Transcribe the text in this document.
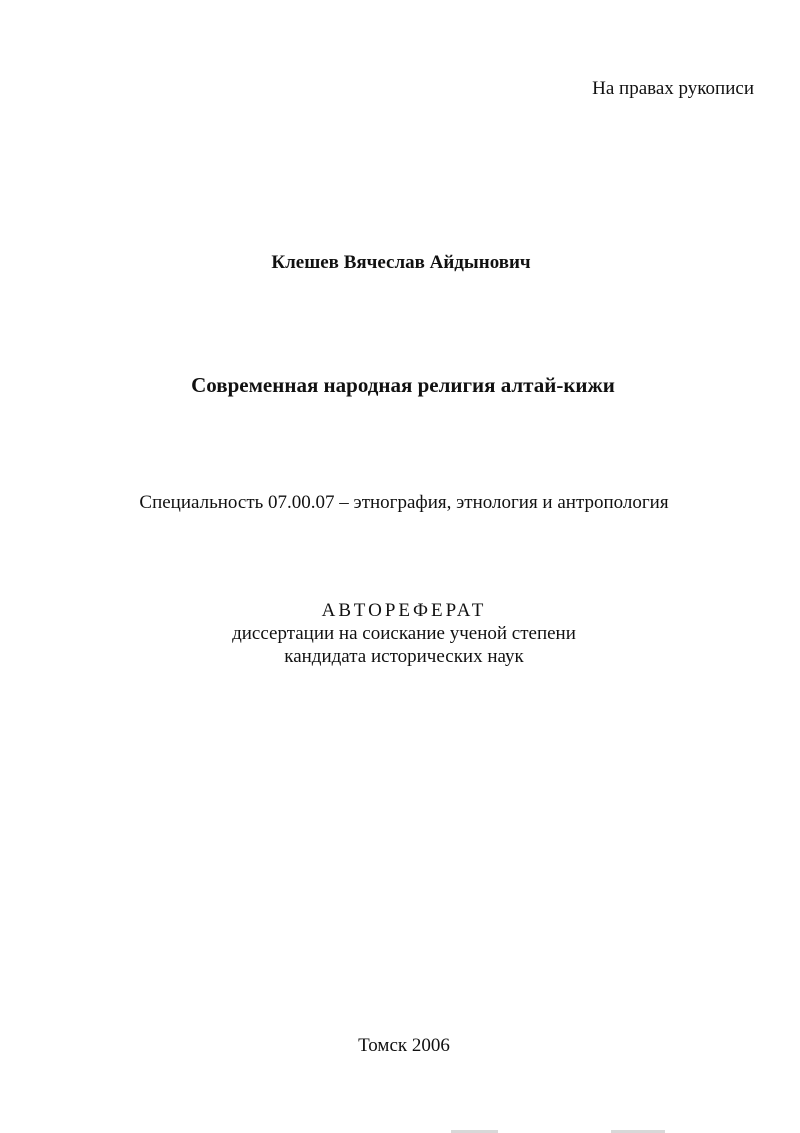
На правах рукописи
Клешев Вячеслав Айдынович
Современная народная религия алтай-кижи
Специальность 07.00.07 – этнография, этнология и антропология
АВТОРЕФЕРАТ
диссертации на соискание ученой степени
кандидата исторических наук
Томск 2006
